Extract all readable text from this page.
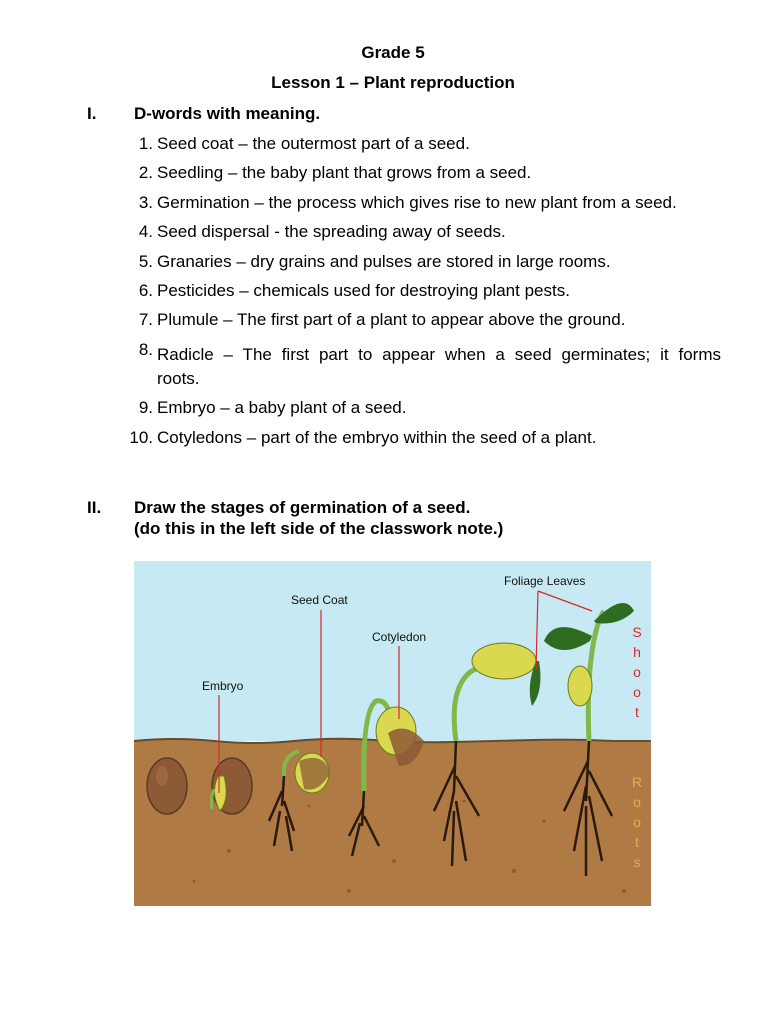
Grade 5
Lesson 1 – Plant reproduction
I. D-words with meaning.
1. Seed coat – the outermost part of a seed.
2. Seedling – the baby plant that grows from a seed.
3. Germination – the process which gives rise to new plant from a seed.
4. Seed dispersal - the spreading away of seeds.
5. Granaries – dry grains and pulses are stored in large rooms.
6. Pesticides – chemicals used for destroying plant pests.
7. Plumule – The first part of a plant to appear above the ground.
8. Radicle – The first part to appear when a seed germinates; it forms
roots.
9. Embryo – a baby plant of a seed.
10. Cotyledons – part of the embryo within the seed of a plant.
II. Draw the stages of germination of a seed.
(do this in the left side of the classwork note.)
Embryo
Seed Coat
Cotyledon
Foliage Leaves
S
h
o
o
t
R
o
o
t
s
